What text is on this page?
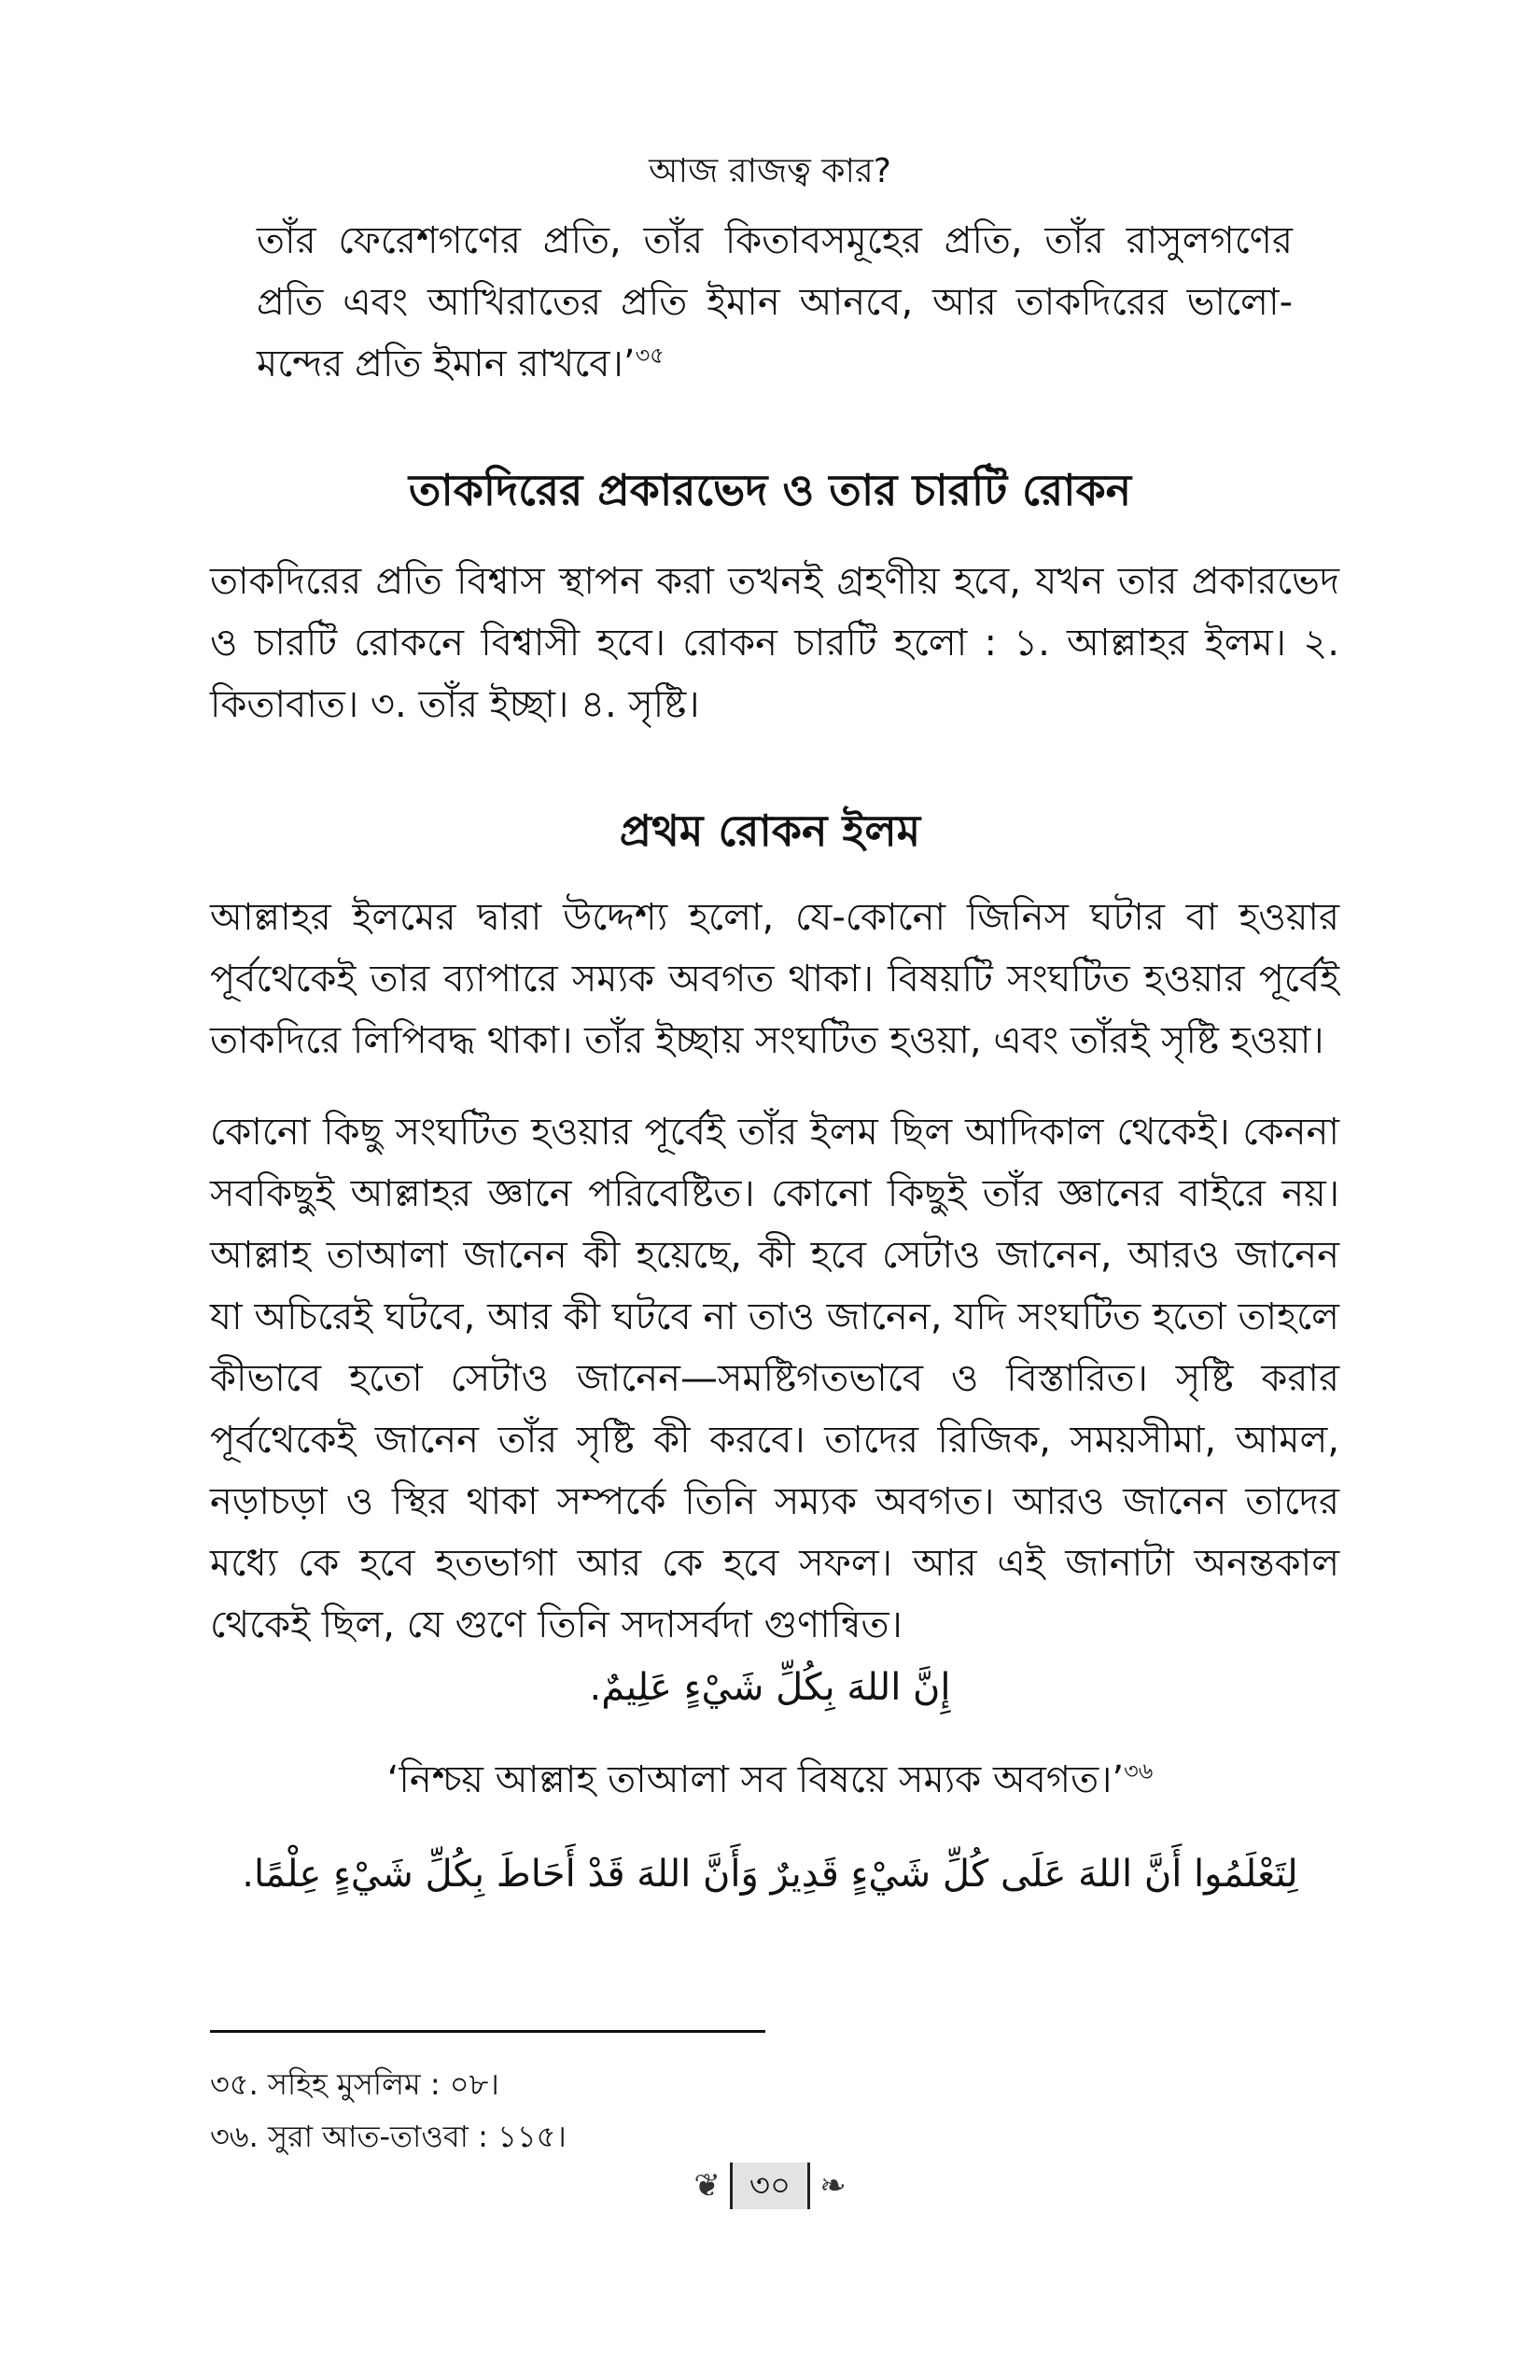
আজ রাজত্ব কার?

তাঁর ফেরেশগণের প্রতি, তাঁর কিতাবসমূহের প্রতি, তাঁর রাসুলগণের প্রতি এবং আখিরাতের প্রতি ইমান আনবে, আর তাকদিরের ভালো-মন্দের প্রতি ইমান রাখবে।’$^{৩৫}$

তাকদিরের প্রকারভেদ ও তার চারটি রোকন

তাকদিরের প্রতি বিশ্বাস স্থাপন করা তখনই গ্রহণীয় হবে, যখন তার প্রকারভেদ ও চারটি রোকনে বিশ্বাসী হবে। রোকন চারটি হলো : ১. আল্লাহর ইলম। ২. কিতাবাত। ৩. তাঁর ইচ্ছা। ৪. সৃষ্টি।

প্রথম রোকন ইলম

আল্লাহর ইলমের দ্বারা উদ্দেশ্য হলো, যে-কোনো জিনিস ঘটার বা হওয়ার পূর্বথেকেই তার ব্যাপারে সম্যক অবগত থাকা। বিষয়টি সংঘটিত হওয়ার পূর্বেই তাকদিরে লিপিবদ্ধ থাকা। তাঁর ইচ্ছায় সংঘটিত হওয়া, এবং তাঁরই সৃষ্টি হওয়া।

কোনো কিছু সংঘটিত হওয়ার পূর্বেই তাঁর ইলম ছিল আদিকাল থেকেই। কেননা সবকিছুই আল্লাহর জ্ঞানে পরিবেষ্টিত। কোনো কিছুই তাঁর জ্ঞানের বাইরে নয়। আল্লাহ তাআলা জানেন কী হয়েছে, কী হবে সেটাও জানেন, আরও জানেন যা অচিরেই ঘটবে, আর কী ঘটবে না তাও জানেন, যদি সংঘটিত হতো তাহলে কীভাবে হতো সেটাও জানেন—সমষ্টিগতভাবে ও বিস্তারিত। সৃষ্টি করার পূর্বথেকেই জানেন তাঁর সৃষ্টি কী করবে। তাদের রিজিক, সময়সীমা, আমল, নড়াচড়া ও স্থির থাকা সম্পর্কে তিনি সম্যক অবগত। আরও জানেন তাদের মধ্যে কে হবে হতভাগা আর কে হবে সফল। আর এই জানাটা অনন্তকাল থেকেই ছিল, যে গুণে তিনি সদাসর্বদা গুণান্বিত।

إِنَّ اللهَ بِكُلِّ شَيْءٍ عَلِيمٌ.
‘নিশ্চয় আল্লাহ তাআলা সব বিষয়ে সম্যক অবগত।’$^{৩৬}$
لِتَعْلَمُوا أَنَّ اللهَ عَلَى كُلِّ شَيْءٍ قَدِيرٌ وَأَنَّ اللهَ قَدْ أَحَاطَ بِكُلِّ شَيْءٍ عِلْمًا.
৩৫. সহিহ মুসলিম : ০৮।
৩৬. সুরা আত-তাওবা : ১১৫।
❦ ৩০ ❧
